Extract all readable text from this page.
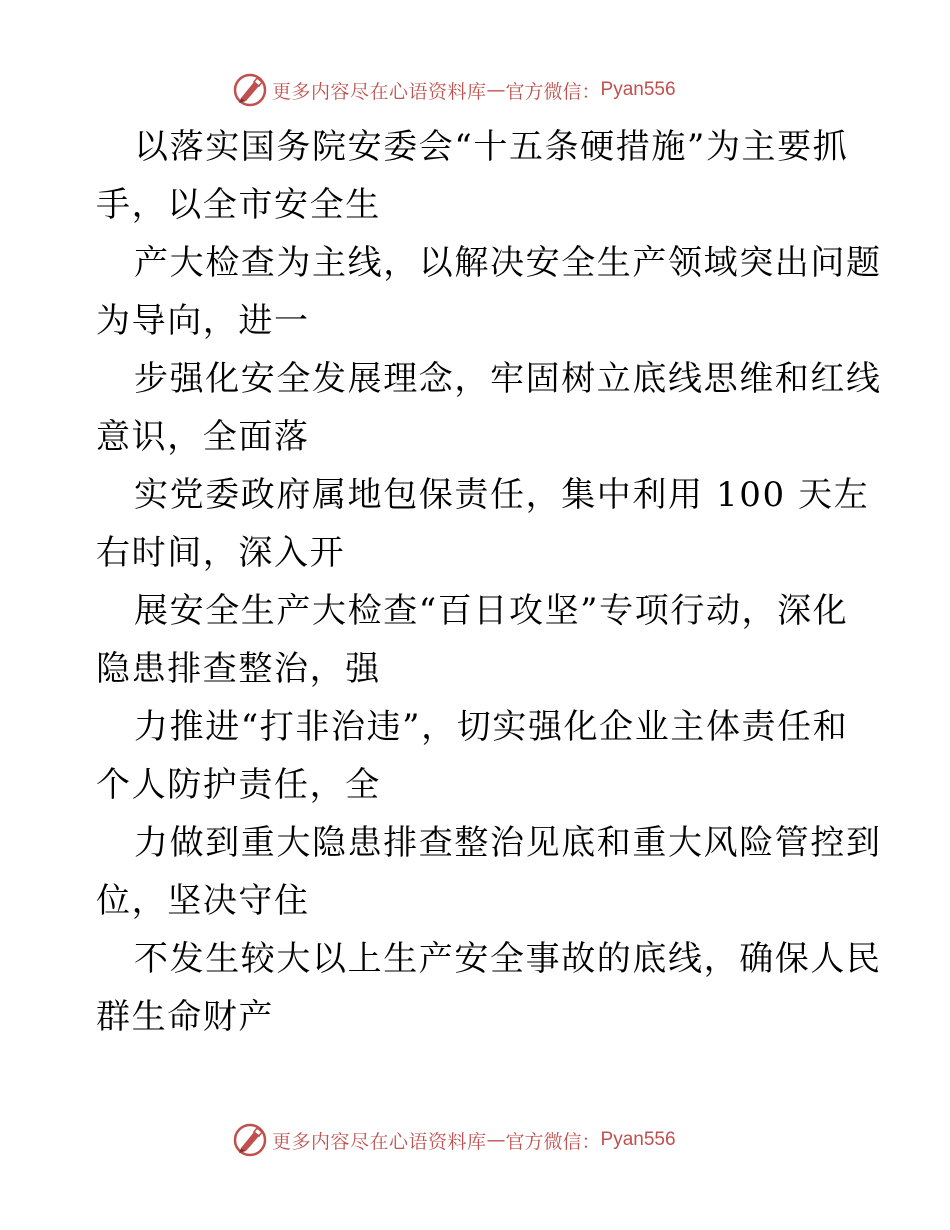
更多内容尽在心语资料库 — 官方微信： Pyan556
以落实国务院安委会“十五条硬措施”为主要抓
手，以全市安全生
产大检查为主线，以解决安全生产领域突出问题
为导向，进一
步强化安全发展理念，牢固树立底线思维和红线
意识，全面落
实党委政府属地包保责任，集中利用 100 天左
右时间，深入开
展安全生产大检查“百日攻坚”专项行动，深化
隐患排查整治，强
力推进“打非治违”，切实强化企业主体责任和
个人防护责任，全
力做到重大隐患排查整治见底和重大风险管控到
位，坚决守住
不发生较大以上生产安全事故的底线，确保人民
群生命财产
更多内容尽在心语资料库 — 官方微信： Pyan556
